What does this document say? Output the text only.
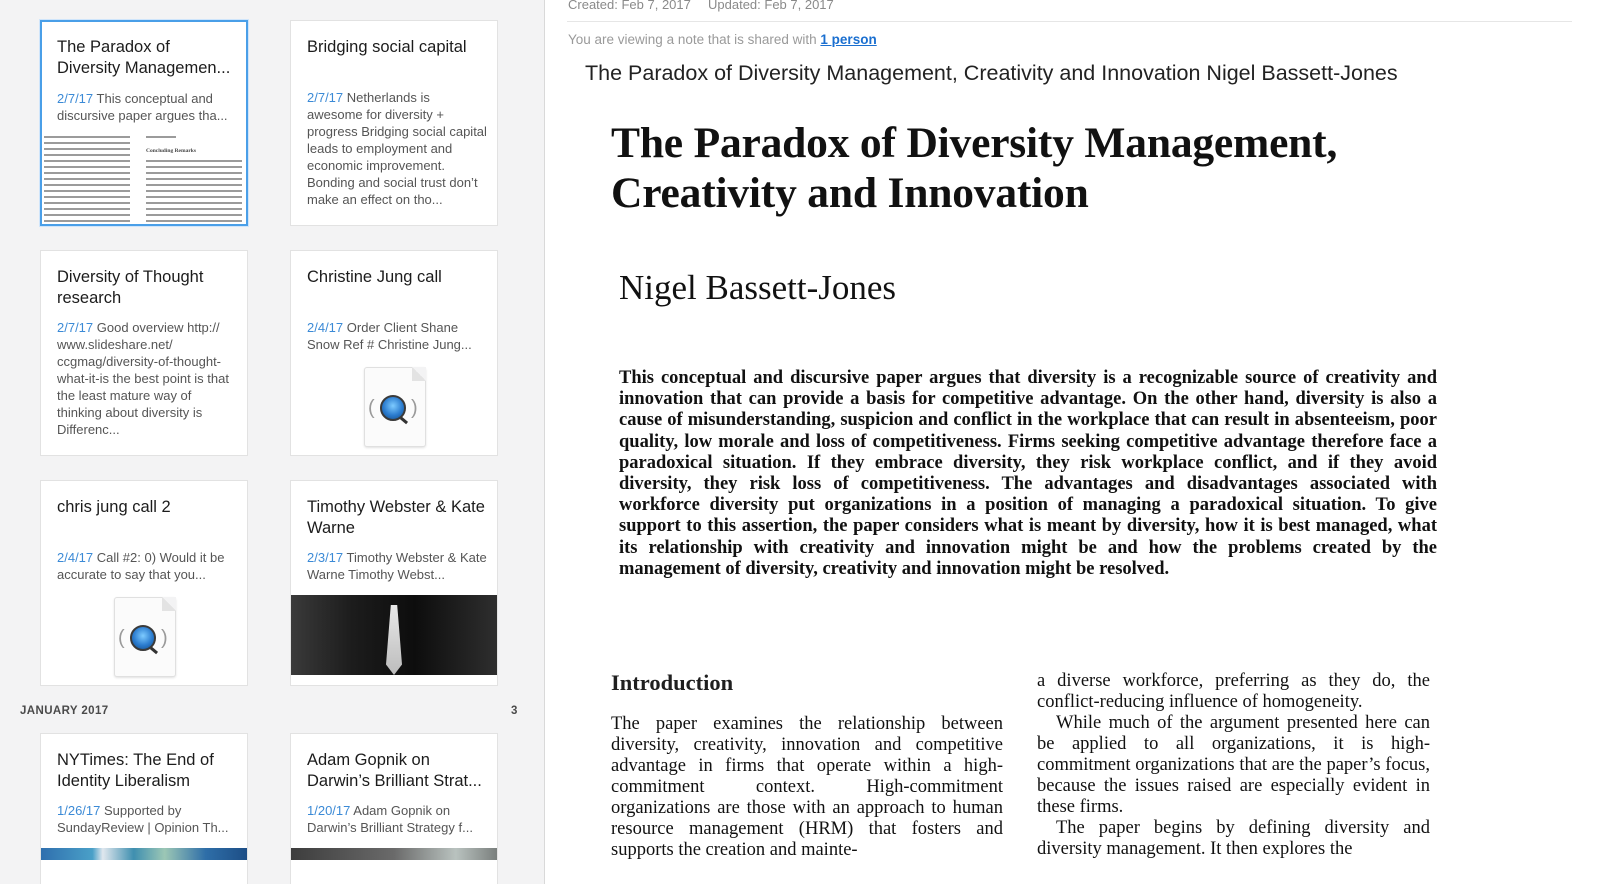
The Paradox of Diversity Managemen...
2/7/17 This conceptual and discursive paper argues tha...
Concluding Remarks
Bridging social capital
2/7/17 Netherlands is awesome for diversity + progress Bridging social capital leads to employment and economic improvement. Bonding and social trust don’t make an effect on tho...
Diversity of Thought research
2/7/17 Good overview http:// www.slideshare.net/ ccgmag/diversity-of-thought-what-it-is the best point is that the least mature way of thinking about diversity is Differenc...
Christine Jung call
2/4/17 Order Client Shane Snow Ref # Christine Jung...
( )
chris jung call 2
2/4/17 Call #2: 0) Would it be accurate to say that you...
( )
Timothy Webster & Kate Warne
2/3/17 Timothy Webster & Kate Warne Timothy Webst...
JANUARY 2017	3
NYTimes: The End of Identity Liberalism
1/26/17 Supported by SundayReview | Opinion Th...
Adam Gopnik on Darwin’s Brilliant Strat...
1/20/17 Adam Gopnik on Darwin’s Brilliant Strategy f...
Created: Feb 7, 2017 Updated: Feb 7, 2017
You are viewing a note that is shared with 1 person
The Paradox of Diversity Management, Creativity and Innovation Nigel Bassett-Jones
The Paradox of Diversity Management,
Creativity and Innovation
Nigel Bassett-Jones
This conceptual and discursive paper argues that diversity is a recognizable source of creativity and innovation that can provide a basis for competitive advantage. On the other hand, diversity is also a cause of misunderstanding, suspicion and conflict in the workplace that can result in absenteeism, poor quality, low morale and loss of competitiveness. Firms seeking competitive advantage therefore face a paradoxical situation. If they embrace diversity, they risk workplace conflict, and if they avoid diversity, they risk loss of competitiveness. The advantages and disadvantages associated with workforce diversity put organizations in a position of managing a paradoxical situation. To give support to this assertion, the paper considers what is meant by diversity, how it is best managed, what its relationship with creativity and innovation might be and how the problems created by the management of diversity, creativity and innovation might be resolved.
Introduction

The paper examines the relationship between diversity, creativity, innovation and competitive advantage in firms that operate within a high-commitment context. High-commitment organizations are those with an approach to human resource management (HRM) that fosters and supports the creation and mainte-

a diverse workforce, preferring as they do, the conflict-reducing influence of homogeneity.

While much of the argument presented here can be applied to all organizations, it is high-commitment organizations that are the paper’s focus, because the issues raised are especially evident in these firms.

The paper begins by defining diversity and diversity management. It then explores the
